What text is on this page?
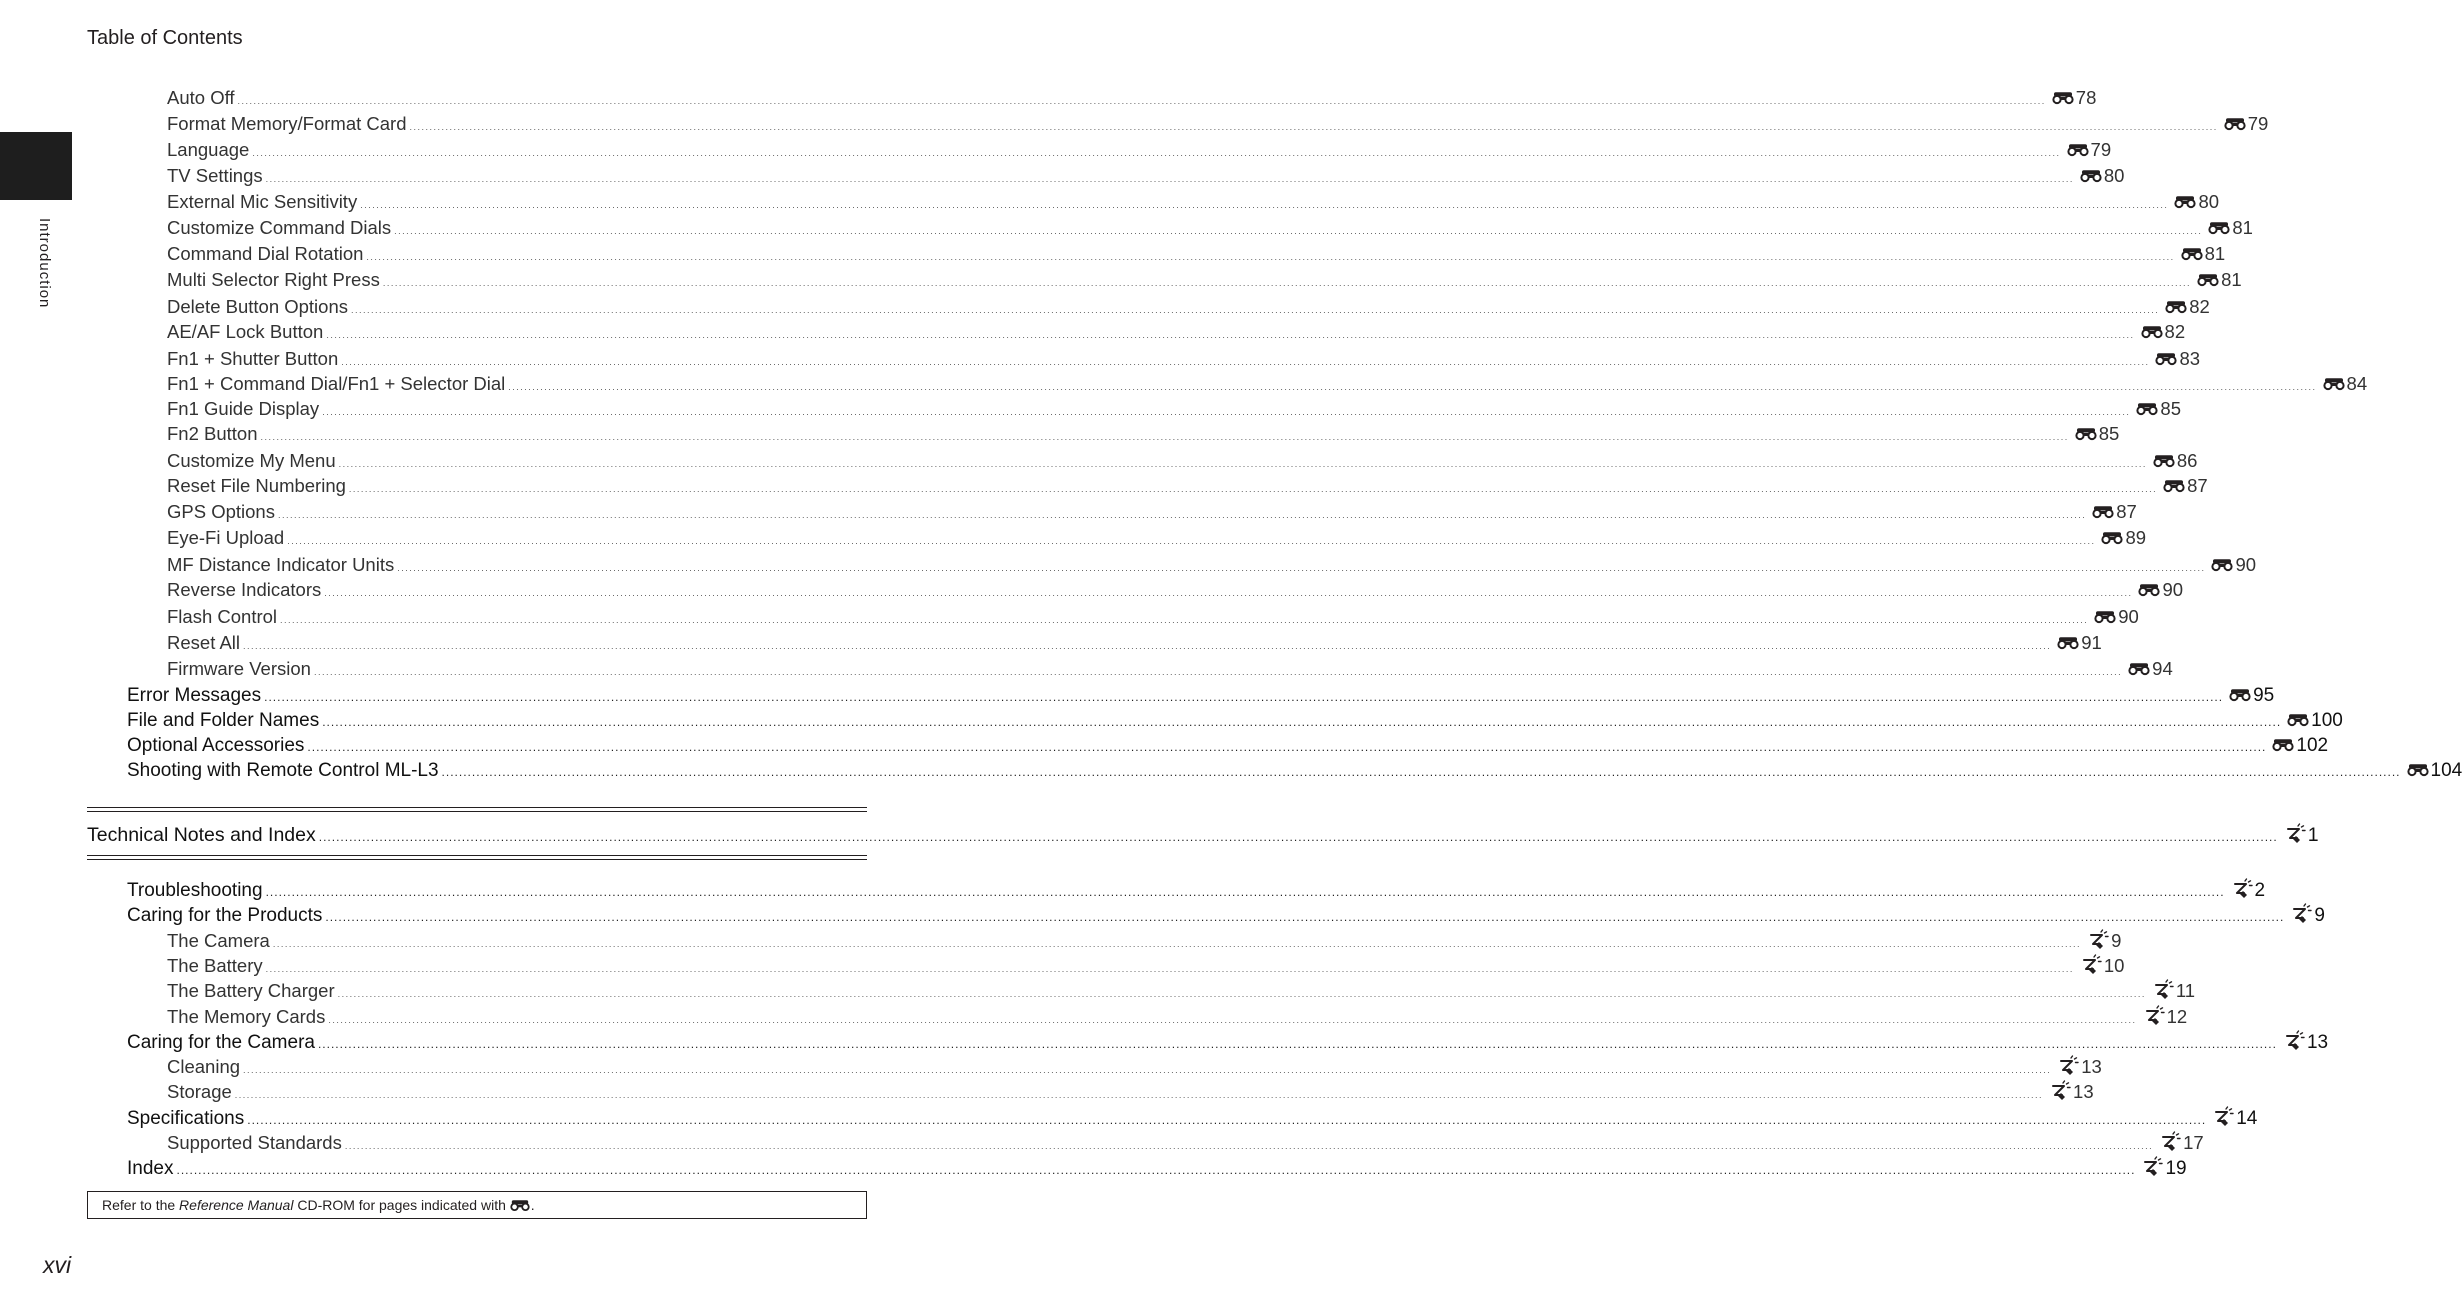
Table of Contents
Introduction
Auto Off .................................................................................................................................................................................................................................................................................................................................................................................................................................................................... 78
Format Memory/Format Card .................................................................................................................................................................................................................................................................................................................................................................................................................................................................... 79
Language .................................................................................................................................................................................................................................................................................................................................................................................................................................................................... 79
TV Settings .................................................................................................................................................................................................................................................................................................................................................................................................................................................................... 80
External Mic Sensitivity .................................................................................................................................................................................................................................................................................................................................................................................................................................................................... 80
Customize Command Dials .................................................................................................................................................................................................................................................................................................................................................................................................................................................................... 81
Command Dial Rotation .................................................................................................................................................................................................................................................................................................................................................................................................................................................................... 81
Multi Selector Right Press .................................................................................................................................................................................................................................................................................................................................................................................................................................................................... 81
Delete Button Options .................................................................................................................................................................................................................................................................................................................................................................................................................................................................... 82
AE/AF Lock Button .................................................................................................................................................................................................................................................................................................................................................................................................................................................................... 82
Fn1 + Shutter Button .................................................................................................................................................................................................................................................................................................................................................................................................................................................................... 83
Fn1 + Command Dial/Fn1 + Selector Dial .................................................................................................................................................................................................................................................................................................................................................................................................................................................................... 84
Fn1 Guide Display .................................................................................................................................................................................................................................................................................................................................................................................................................................................................... 85
Fn2 Button .................................................................................................................................................................................................................................................................................................................................................................................................................................................................... 85
Customize My Menu .................................................................................................................................................................................................................................................................................................................................................................................................................................................................... 86
Reset File Numbering .................................................................................................................................................................................................................................................................................................................................................................................................................................................................... 87
GPS Options .................................................................................................................................................................................................................................................................................................................................................................................................................................................................... 87
Eye-Fi Upload .................................................................................................................................................................................................................................................................................................................................................................................................................................................................... 89
MF Distance Indicator Units .................................................................................................................................................................................................................................................................................................................................................................................................................................................................... 90
Reverse Indicators .................................................................................................................................................................................................................................................................................................................................................................................................................................................................... 90
Flash Control .................................................................................................................................................................................................................................................................................................................................................................................................................................................................... 90
Reset All .................................................................................................................................................................................................................................................................................................................................................................................................................................................................... 91
Firmware Version .................................................................................................................................................................................................................................................................................................................................................................................................................................................................... 94
Error Messages .................................................................................................................................................................................................................................................................................................................................................................................................................................................................... 95
File and Folder Names .................................................................................................................................................................................................................................................................................................................................................................................................................................................................... 100
Optional Accessories .................................................................................................................................................................................................................................................................................................................................................................................................................................................................... 102
Shooting with Remote Control ML-L3 .................................................................................................................................................................................................................................................................................................................................................................................................................................................................... 104
Technical Notes and Index .................................................................................................................................................................................................................................................................................................................................................................................................................................................................... 1
Troubleshooting .................................................................................................................................................................................................................................................................................................................................................................................................................................................................... 2
Caring for the Products .................................................................................................................................................................................................................................................................................................................................................................................................................................................................... 9
The Camera .................................................................................................................................................................................................................................................................................................................................................................................................................................................................... 9
The Battery .................................................................................................................................................................................................................................................................................................................................................................................................................................................................... 10
The Battery Charger .................................................................................................................................................................................................................................................................................................................................................................................................................................................................... 11
The Memory Cards .................................................................................................................................................................................................................................................................................................................................................................................................................................................................... 12
Caring for the Camera .................................................................................................................................................................................................................................................................................................................................................................................................................................................................... 13
Cleaning .................................................................................................................................................................................................................................................................................................................................................................................................................................................................... 13
Storage .................................................................................................................................................................................................................................................................................................................................................................................................................................................................... 13
Specifications .................................................................................................................................................................................................................................................................................................................................................................................................................................................................... 14
Supported Standards .................................................................................................................................................................................................................................................................................................................................................................................................................................................................... 17
Index .................................................................................................................................................................................................................................................................................................................................................................................................................................................................... 19
Refer to the Reference Manual CD-ROM for pages indicated with .
xvi
